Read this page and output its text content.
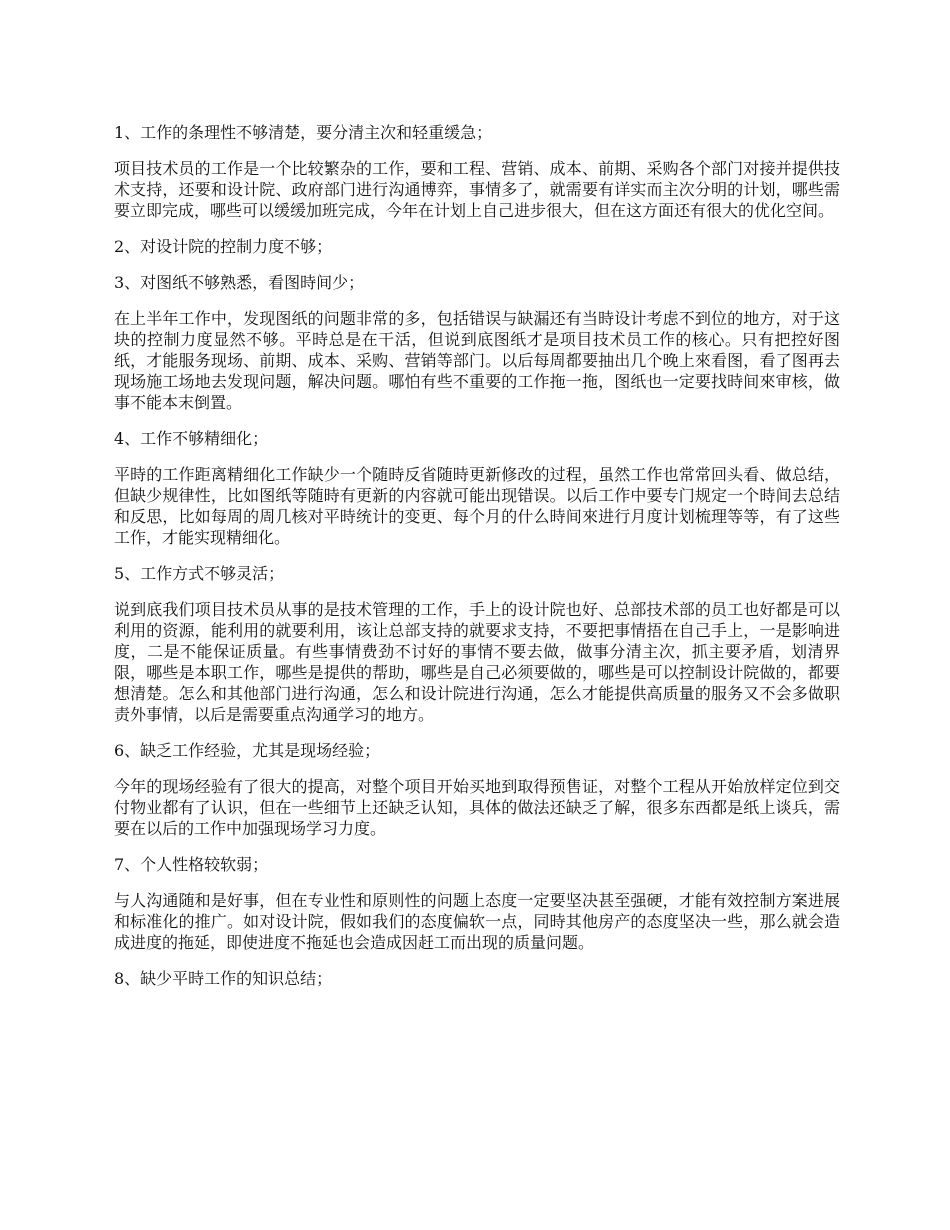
1、工作的条理性不够清楚，要分清主次和轻重缓急；

项目技术员的工作是一个比较繁杂的工作，要和工程、营销、成本、前期、采购各个部门对接并提供技术支持，还要和设计院、政府部门进行沟通博弈，事情多了，就需要有详实而主次分明的计划，哪些需要立即完成，哪些可以缓缓加班完成，今年在计划上自己进步很大，但在这方面还有很大的优化空间。

2、对设计院的控制力度不够；

3、对图纸不够熟悉，看图時间少；

在上半年工作中，发现图纸的问题非常的多，包括错误与缺漏还有当時设计考虑不到位的地方，对于这块的控制力度显然不够。平時总是在干活，但说到底图纸才是项目技术员工作的核心。只有把控好图纸，才能服务现场、前期、成本、采购、营销等部门。以后每周都要抽出几个晚上來看图，看了图再去现场施工场地去发现问题，解决问题。哪怕有些不重要的工作拖一拖，图纸也一定要找時间來审核，做事不能本末倒置。

4、工作不够精细化；

平時的工作距离精细化工作缺少一个随時反省随時更新修改的过程，虽然工作也常常回头看、做总结，但缺少规律性，比如图纸等随時有更新的内容就可能出现错误。以后工作中要专门规定一个時间去总结和反思，比如每周的周几核对平時统计的变更、每个月的什么時间來进行月度计划梳理等等，有了这些工作，才能实现精细化。

5、工作方式不够灵活；

说到底我们项目技术员从事的是技术管理的工作，手上的设计院也好、总部技术部的员工也好都是可以利用的资源，能利用的就要利用，该让总部支持的就要求支持，不要把事情捂在自己手上，一是影响进度，二是不能保证质量。有些事情费劲不讨好的事情不要去做，做事分清主次，抓主要矛盾，划清界限，哪些是本职工作，哪些是提供的帮助，哪些是自己必须要做的，哪些是可以控制设计院做的，都要想清楚。怎么和其他部门进行沟通，怎么和设计院进行沟通，怎么才能提供高质量的服务又不会多做职责外事情，以后是需要重点沟通学习的地方。

6、缺乏工作经验，尤其是现场经验；

今年的现场经验有了很大的提高，对整个项目开始买地到取得预售证，对整个工程从开始放样定位到交付物业都有了认识，但在一些细节上还缺乏认知，具体的做法还缺乏了解，很多东西都是纸上谈兵，需要在以后的工作中加强现场学习力度。

7、个人性格较软弱；

与人沟通随和是好事，但在专业性和原则性的问题上态度一定要坚决甚至强硬，才能有效控制方案进展和标准化的推广。如对设计院，假如我们的态度偏软一点，同時其他房产的态度坚决一些，那么就会造成进度的拖延，即使进度不拖延也会造成因赶工而出现的质量问题。

8、缺少平時工作的知识总结；
